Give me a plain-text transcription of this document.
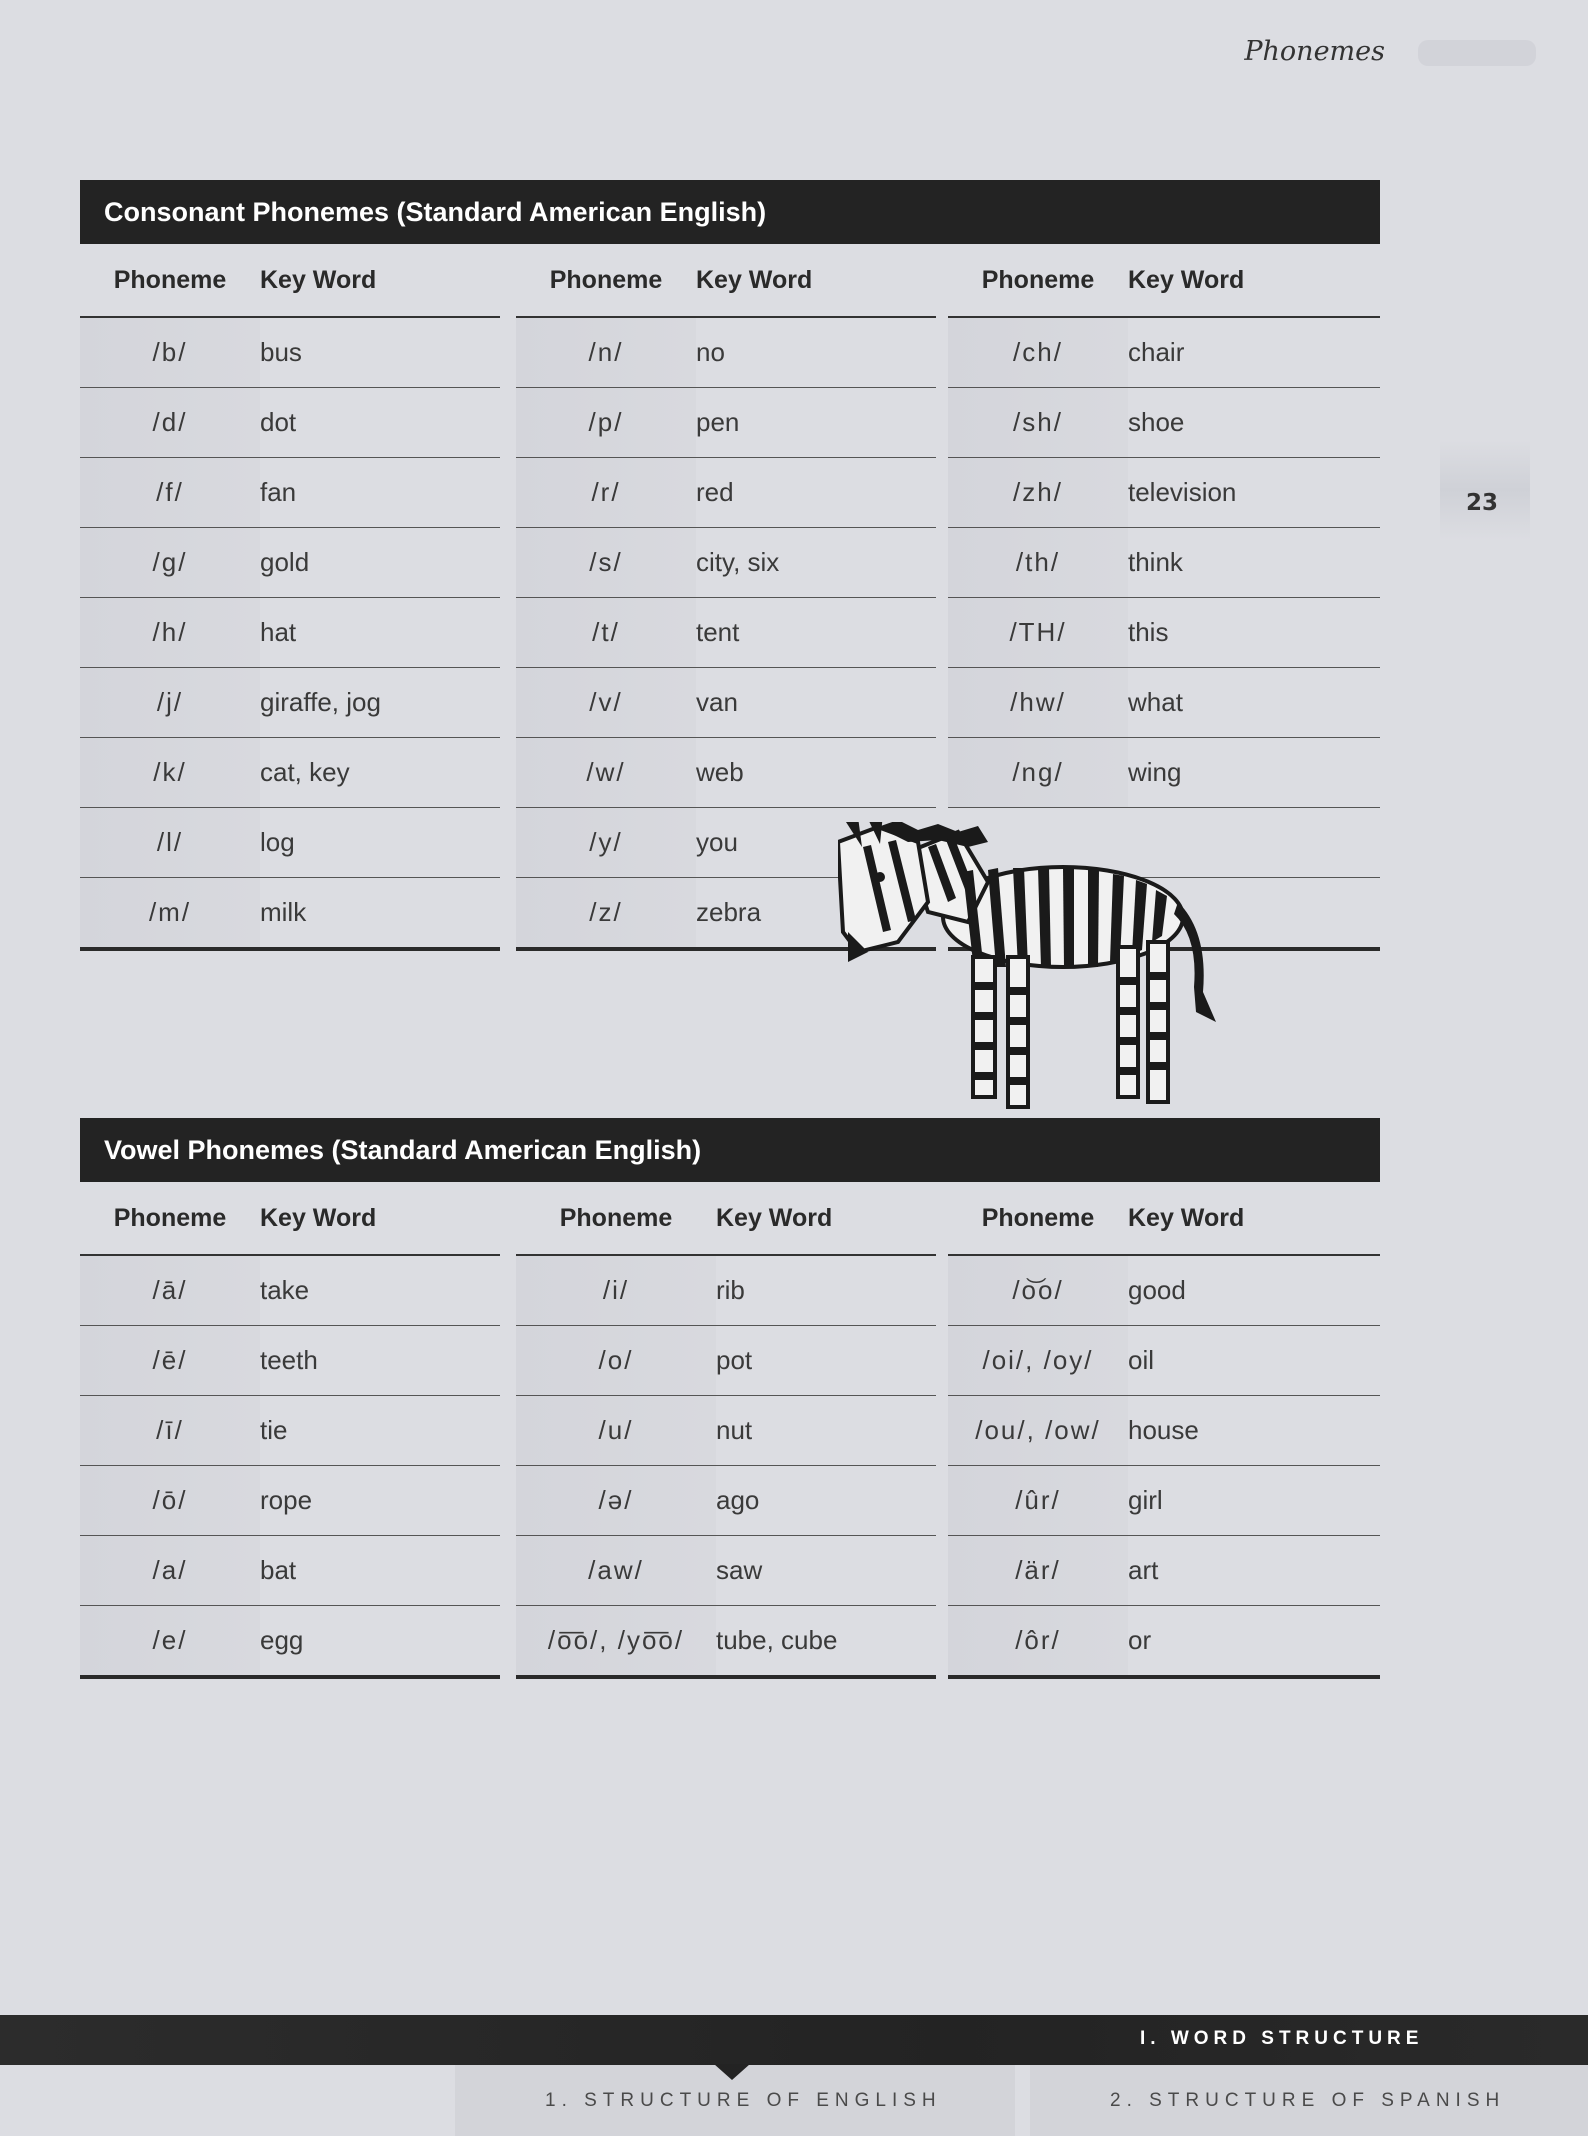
Phonemes
23
Consonant Phonemes (Standard American English)
Phoneme	Key Word
/b/	bus
/d/	dot
/f/	fan
/g/	gold
/h/	hat
/j/	giraffe, jog
/k/	cat, key
/l/	log
/m/	milk
Phoneme	Key Word
/n/	no
/p/	pen
/r/	red
/s/	city, six
/t/	tent
/v/	van
/w/	web
/y/	you
/z/	zebra
Phoneme	Key Word
/ch/	chair
/sh/	shoe
/zh/	television
/th/	think
/TH/	this
/hw/	what
/ng/	wing
Vowel Phonemes (Standard American English)
Phoneme	Key Word
/ā/	take
/ē/	teeth
/ī/	tie
/ō/	rope
/a/	bat
/e/	egg
Phoneme	Key Word
/i/	rib
/o/	pot
/u/	nut
/ə/	ago
/aw/	saw
/o͞o/, /yo͞o/	tube, cube
Phoneme	Key Word
/o͝o/	good
/oi/, /oy/	oil
/ou/, /ow/	house
/ûr/	girl
/är/	art
/ôr/	or
I. WORD STRUCTURE
1. STRUCTURE OF ENGLISH	2. STRUCTURE OF SPANISH
